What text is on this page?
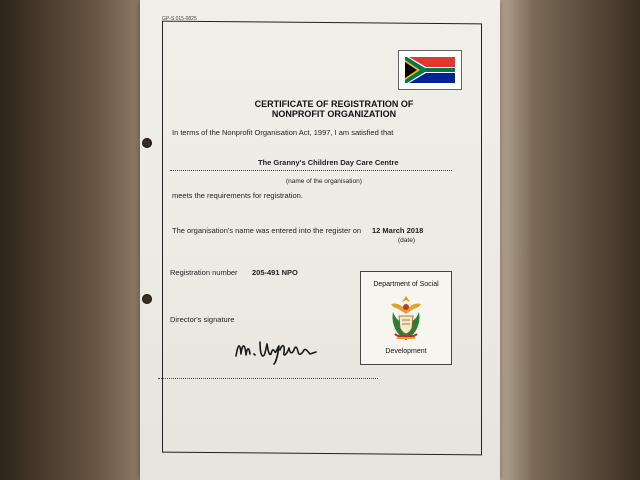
GP-S 015-0825
CERTIFICATE OF REGISTRATION OF
NONPROFIT ORGANIZATION
In terms of the Nonprofit Organisation Act, 1997, I am satisfied that
The Granny's Children Day Care Centre
(name of the organisation)
meets the requirements for registration.
The organisation's name was entered into the register on 12 March 2018
(date)
Registration number 205-491 NPO
Director's signature
Department of Social
Development
